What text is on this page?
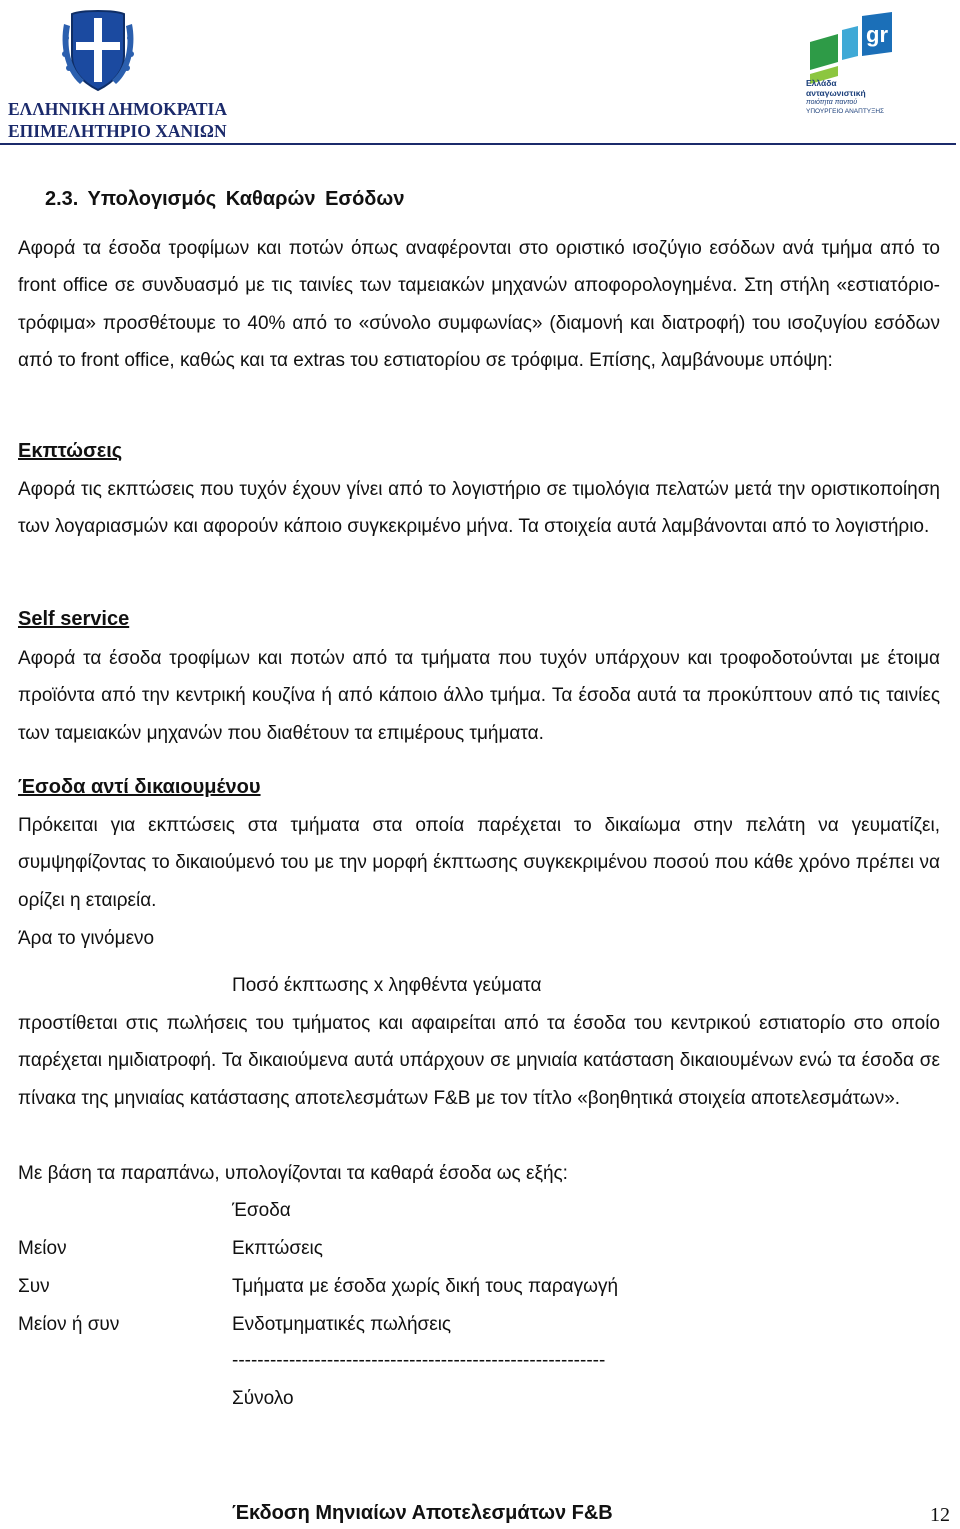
ΕΛΛΗΝΙΚΗ ΔΗΜΟΚΡΑΤΙΑ
ΕΠΙΜΕΛΗΤΗΡΙΟ ΧΑΝΙΩΝ
gr
Ελλάδα
ανταγωνιστική
ποιότητα παντού
ΥΠΟΥΡΓΕΙΟ ΑΝΑΠΤΥΞΗΣ
2.3. Υπολογισμός Καθαρών Εσόδων
Αφορά τα έσοδα τροφίμων και ποτών όπως αναφέρονται στο οριστικό ισοζύγιο εσόδων ανά τμήμα από το front office σε συνδυασμό με τις ταινίες των ταμειακών μηχανών αποφορολογημένα. Στη στήλη «εστιατόριο-τρόφιμα» προσθέτουμε το 40% από το «σύνολο συμφωνίας» (διαμονή και διατροφή) του ισοζυγίου εσόδων από το front office, καθώς και τα extras του εστιατορίου σε τρόφιμα. Επίσης, λαμβάνουμε υπόψη:
Εκπτώσεις
Αφορά τις εκπτώσεις που τυχόν έχουν γίνει από το λογιστήριο σε τιμολόγια πελατών μετά την οριστικοποίηση των λογαριασμών και αφορούν κάποιο συγκεκριμένο μήνα. Τα στοιχεία αυτά λαμβάνονται από το λογιστήριο.
Self service
Αφορά τα έσοδα τροφίμων και ποτών από τα τμήματα που τυχόν υπάρχουν και τροφοδοτούνται με έτοιμα προϊόντα από την κεντρική κουζίνα ή από κάποιο άλλο τμήμα. Τα έσοδα αυτά τα προκύπτουν από τις ταινίες των ταμειακών μηχανών που διαθέτουν τα επιμέρους τμήματα.
Έσοδα αντί δικαιουμένου
Πρόκειται για εκπτώσεις στα τμήματα στα οποία παρέχεται το δικαίωμα στην πελάτη να γευματίζει, συμψηφίζοντας το δικαιούμενό του με την μορφή έκπτωσης συγκεκριμένου ποσού που κάθε χρόνο πρέπει να ορίζει η εταιρεία.
Άρα το γινόμενο
Ποσό έκπτωσης x ληφθέντα γεύματα
προστίθεται στις πωλήσεις του τμήματος και αφαιρείται από τα έσοδα του κεντρικού εστιατορίο στο οποίο παρέχεται ημιδιατροφή. Τα δικαιούμενα αυτά υπάρχουν σε μηνιαία κατάσταση δικαιουμένων ενώ τα έσοδα σε πίνακα της μηνιαίας κατάστασης αποτελεσμάτων F&B με τον τίτλο «βοηθητικά στοιχεία αποτελεσμάτων».
Με βάση τα παραπάνω, υπολογίζονται τα καθαρά έσοδα ως εξής:
Έσοδα
Μείον	Εκπτώσεις
Συν	Τμήματα με έσοδα χωρίς δική τους παραγωγή
Μείον ή συν	Ενδοτμηματικές πωλήσεις
-----------------------------------------------------------
Σύνολο
Έκδοση Μηνιαίων Αποτελεσμάτων F&B	12
